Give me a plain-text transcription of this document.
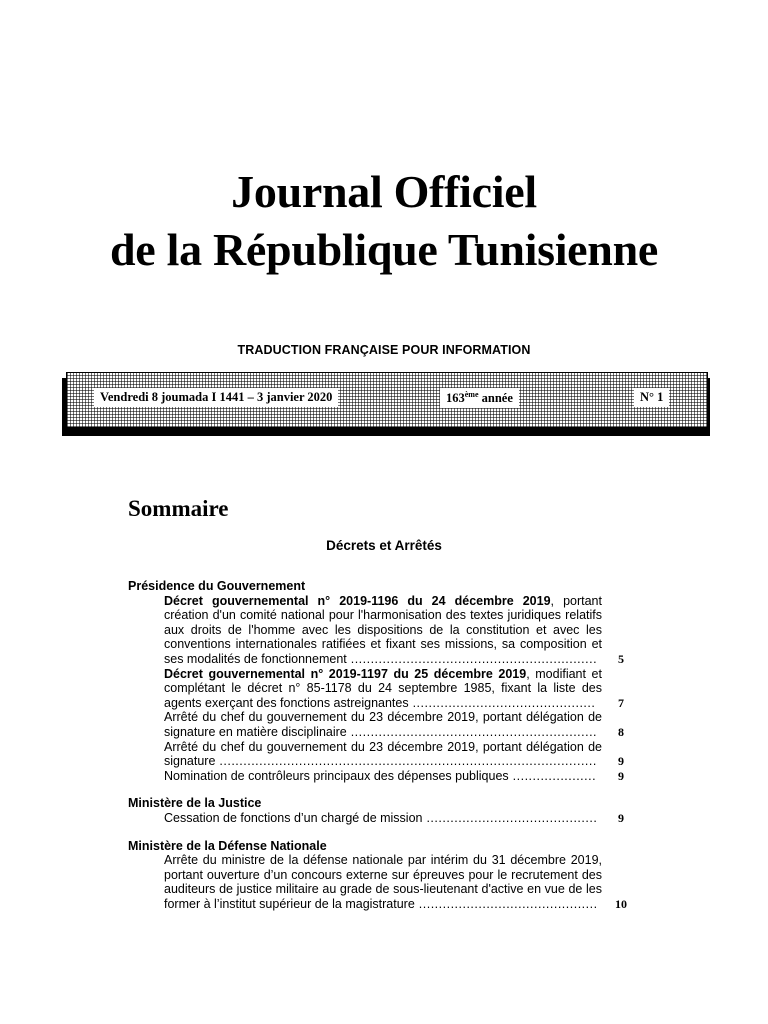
Journal Officiel
de la République Tunisienne
TRADUCTION FRANÇAISE POUR INFORMATION
Vendredi 8 joumada I 1441 – 3 janvier 2020	163ème année	N° 1
Sommaire
Décrets et Arrêtés
Présidence du Gouvernement
Décret gouvernemental n° 2019-1196 du 24 décembre 2019, portant création d'un comité national pour l'harmonisation des textes juridiques relatifs aux droits de l'homme avec les dispositions de la constitution et avec les conventions internationales ratifiées et fixant ses missions, sa composition et ses modalités de fonctionnement ..............................................................	5
Décret gouvernemental n° 2019-1197 du 25 décembre 2019, modifiant et complétant le décret n° 85-1178 du 24 septembre 1985, fixant la liste des agents exerçant des fonctions astreignantes ..............................................	7
Arrêté du chef du gouvernement du 23 décembre 2019, portant délégation de signature en matière disciplinaire ..............................................................	8
Arrêté du chef du gouvernement du 23 décembre 2019, portant délégation de signature ...............................................................................................	9
Nomination de contrôleurs principaux des dépenses publiques .....................	9
Ministère de la Justice
Cessation de fonctions d’un chargé de mission ...........................................	9
Ministère de la Défense Nationale
Arrête du ministre de la défense nationale par intérim du 31 décembre 2019, portant ouverture d’un concours externe sur épreuves pour le recrutement des auditeurs de justice militaire au grade de sous-lieutenant d'active en vue de les former à l’institut supérieur de la magistrature .............................................	10
